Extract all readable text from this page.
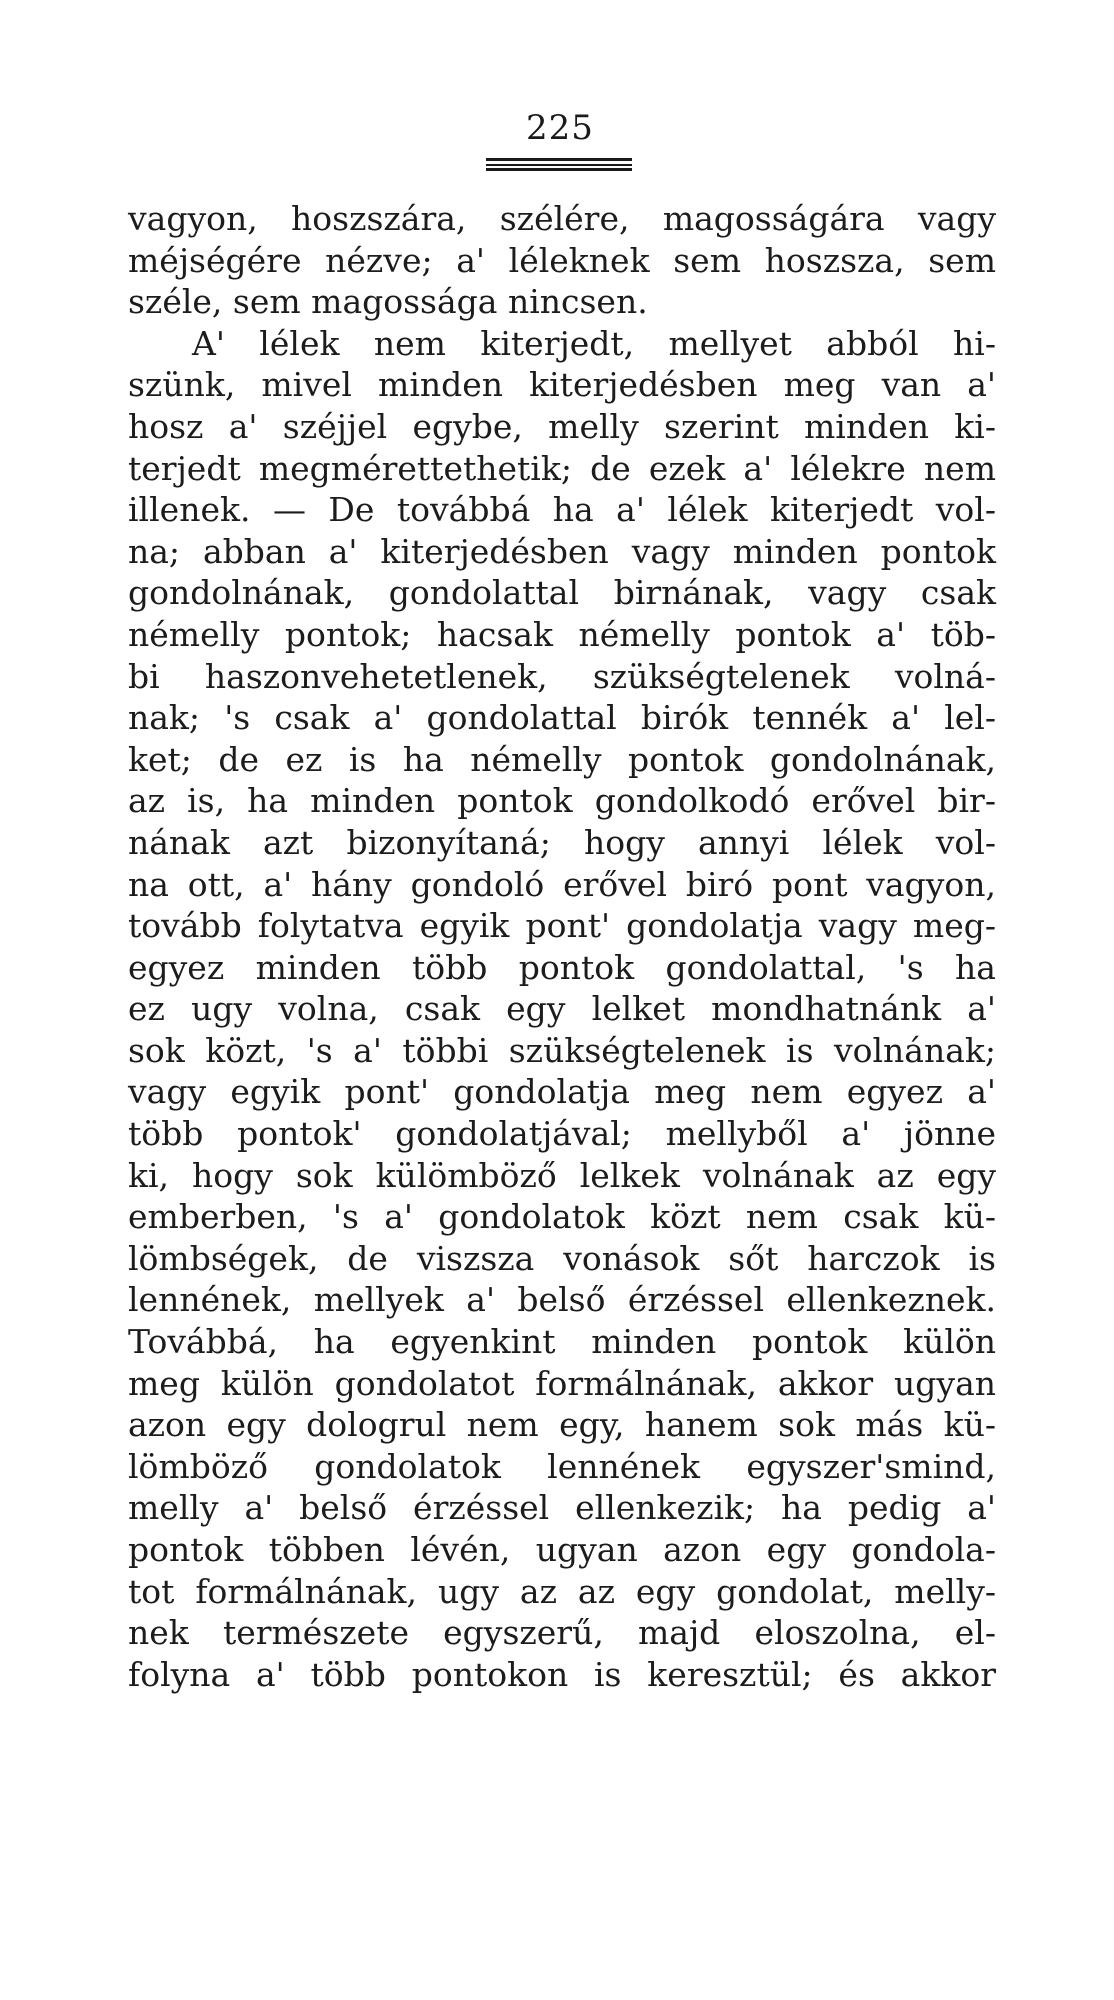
225
vagyon, hoszszára, szélére, magosságára vagy
méjségére nézve; a' léleknek sem hoszsza, sem
széle, sem magossága nincsen.
A' lélek nem kiterjedt, mellyet abból hi-
szünk, mivel minden kiterjedésben meg van a'
hosz a' széjjel egybe, melly szerint minden ki-
terjedt megmérettethetik; de ezek a' lélekre nem
illenek. — De továbbá ha a' lélek kiterjedt vol-
na; abban a' kiterjedésben vagy minden pontok
gondolnának, gondolattal birnának, vagy csak
némelly pontok; hacsak némelly pontok a' töb-
bi haszonvehetetlenek, szükségtelenek volná-
nak; 's csak a' gondolattal birók tennék a' lel-
ket; de ez is ha némelly pontok gondolnának,
az is, ha minden pontok gondolkodó erővel bir-
nának azt bizonyítaná; hogy annyi lélek vol-
na ott, a' hány gondoló erővel biró pont vagyon,
tovább folytatva egyik pont' gondolatja vagy meg-
egyez minden több pontok gondolattal, 's ha
ez ugy volna, csak egy lelket mondhatnánk a'
sok közt, 's a' többi szükségtelenek is volnának;
vagy egyik pont' gondolatja meg nem egyez a'
több pontok' gondolatjával; mellyből a' jönne
ki, hogy sok külömböző lelkek volnának az egy
emberben, 's a' gondolatok közt nem csak kü-
lömbségek, de viszsza vonások sőt harczok is
lennének, mellyek a' belső érzéssel ellenkeznek.
Továbbá, ha egyenkint minden pontok külön
meg külön gondolatot formálnának, akkor ugyan
azon egy dologrul nem egy, hanem sok más kü-
lömböző gondolatok lennének egyszer'smind,
melly a' belső érzéssel ellenkezik; ha pedig a'
pontok többen lévén, ugyan azon egy gondola-
tot formálnának, ugy az az egy gondolat, melly-
nek természete egyszerű, majd eloszolna, el-
folyna a' több pontokon is keresztül; és akkor
